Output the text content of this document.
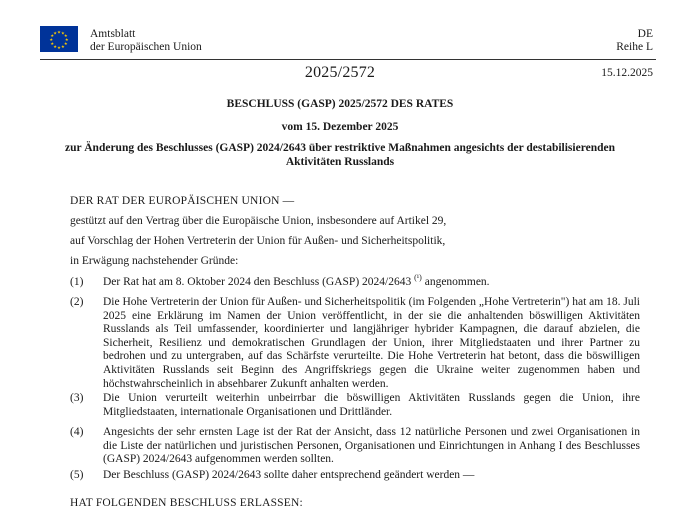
★ ★
★
★
★
★
★
★
★
★
★
★	Amtsblatt
der Europäischen Union
DE
Reihe L
2025/2572	15.12.2025
BESCHLUSS (GASP) 2025/2572 DES RATES
vom 15. Dezember 2025
zur Änderung des Beschlusses (GASP) 2024/2643 über restriktive Maßnahmen angesichts der destabilisierenden Aktivitäten Russlands
DER RAT DER EUROPÄISCHEN UNION —
gestützt auf den Vertrag über die Europäische Union, insbesondere auf Artikel 29,
auf Vorschlag der Hohen Vertreterin der Union für Außen- und Sicherheitspolitik,
in Erwägung nachstehender Gründe:
(1) Der Rat hat am 8. Oktober 2024 den Beschluss (GASP) 2024/2643 $^{(^1)}$ angenommen.
(2) Die Hohe Vertreterin der Union für Außen- und Sicherheitspolitik (im Folgenden „Hohe Vertreterin") hat am 18. Juli 2025 eine Erklärung im Namen der Union veröffentlicht, in der sie die anhaltenden böswilligen Aktivitäten Russlands als Teil umfassender, koordinierter und langjähriger hybrider Kampagnen, die darauf abzielen, die Sicherheit, Resilienz und demokratischen Grundlagen der Union, ihrer Mitgliedstaaten und ihrer Partner zu bedrohen und zu untergraben, auf das Schärfste verurteilte. Die Hohe Vertreterin hat betont, dass die böswilligen Aktivitäten Russlands seit Beginn des Angriffskriegs gegen die Ukraine weiter zugenommen haben und höchstwahrscheinlich in absehbarer Zukunft anhalten werden.
(3) Die Union verurteilt weiterhin unbeirrbar die böswilligen Aktivitäten Russlands gegen die Union, ihre Mitgliedstaaten, internationale Organisationen und Drittländer.
(4) Angesichts der sehr ernsten Lage ist der Rat der Ansicht, dass 12 natürliche Personen und zwei Organisationen in die Liste der natürlichen und juristischen Personen, Organisationen und Einrichtungen in Anhang I des Beschlusses (GASP) 2024/2643 aufgenommen werden sollten.
(5) Der Beschluss (GASP) 2024/2643 sollte daher entsprechend geändert werden —
HAT FOLGENDEN BESCHLUSS ERLASSEN:
